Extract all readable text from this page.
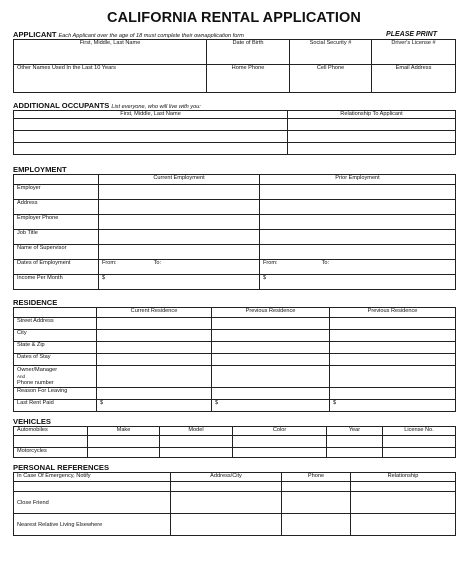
CALIFORNIA RENTAL APPLICATION
APPLICANT Each Applicant over the age of 18 must complete their ownapplication form	PLEASE PRINT
First, Middle, Last Name	Date of Birth	Social Security #	Driver's License #
Other Names Used In the Last 10 Years	Home Phone	Cell Phone	Email Address
ADDITIONAL OCCUPANTS List everyone, who will live with you:
First, Middle, Last Name	Relationship To Applicant

EMPLOYMENT
	Current Employment	Prior Employment
Employer		
Address		
Employer Phone		
Job Title		
Name of Supervisor		
Dates of Employment	From: To:	From: To:
Income Per Month	$	$
RESIDENCE
	Current Residence	Previous Residence	Previous Residence
Street Address			
City			
State & Zip			
Dates of Stay			

Owner/Manager
And
Phone number			

Reason For Leaving			
Last Rent Paid	$	$	$
VEHICLES
Automobiles	Make	Model	Color	Year	License No.

Motorcycles					
PERSONAL REFERENCES
In Case Of Emergency, Notify	Address/City	Phone	Relationship

Close Friend			
Nearest Relative Living Elsewhere			
